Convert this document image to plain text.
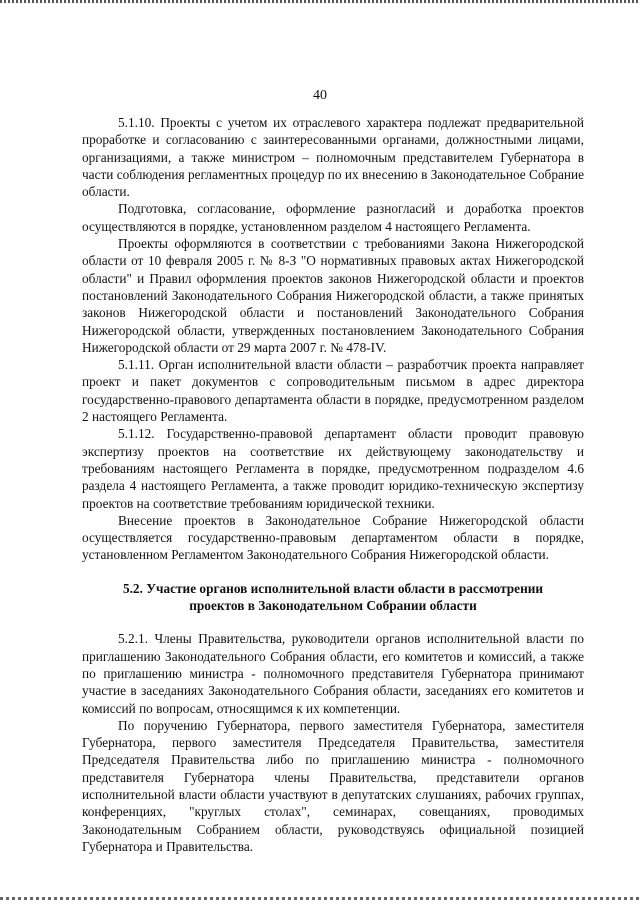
40

5.1.10. Проекты с учетом их отраслевого характера подлежат предварительной проработке и согласованию с заинтересованными органами, должностными лицами, организациями, а также министром – полномочным представителем Губернатора в части соблюдения регламентных процедур по их внесению в Законодательное Собрание области.

Подготовка, согласование, оформление разногласий и доработка проектов осуществляются в порядке, установленном разделом 4 настоящего Регламента.

Проекты оформляются в соответствии с требованиями Закона Нижегородской области от 10 февраля 2005 г. № 8-З "О нормативных правовых актах Нижегородской области" и Правил оформления проектов законов Нижегородской области и проектов постановлений Законодательного Собрания Нижегородской области, а также принятых законов Нижегородской области и постановлений Законодательного Собрания Нижегородской области, утвержденных постановлением Законодательного Собрания Нижегородской области от 29 марта 2007 г. № 478-IV.

5.1.11. Орган исполнительной власти области – разработчик проекта направляет проект и пакет документов с сопроводительным письмом в адрес директора государственно-правового департамента области в порядке, предусмотренном разделом 2 настоящего Регламента.

5.1.12. Государственно-правовой департамент области проводит правовую экспертизу проектов на соответствие их действующему законодательству и требованиям настоящего Регламента в порядке, предусмотренном подразделом 4.6 раздела 4 настоящего Регламента, а также проводит юридико-техническую экспертизу проектов на соответствие требованиям юридической техники.

Внесение проектов в Законодательное Собрание Нижегородской области осуществляется государственно-правовым департаментом области в порядке, установленном Регламентом Законодательного Собрания Нижегородской области.

5.2. Участие органов исполнительной власти области в рассмотрении
проектов в Законодательном Собрании области

5.2.1. Члены Правительства, руководители органов исполнительной власти по приглашению Законодательного Собрания области, его комитетов и комиссий, а также по приглашению министра - полномочного представителя Губернатора принимают участие в заседаниях Законодательного Собрания области, заседаниях его комитетов и комиссий по вопросам, относящимся к их компетенции.

По поручению Губернатора, первого заместителя Губернатора, заместителя Губернатора, первого заместителя Председателя Правительства, заместителя Председателя Правительства либо по приглашению министра - полномочного представителя Губернатора члены Правительства, представители органов исполнительной власти области участвуют в депутатских слушаниях, рабочих группах, конференциях, "круглых столах", семинарах, совещаниях, проводимых Законодательным Собранием области, руководствуясь официальной позицией Губернатора и Правительства.
